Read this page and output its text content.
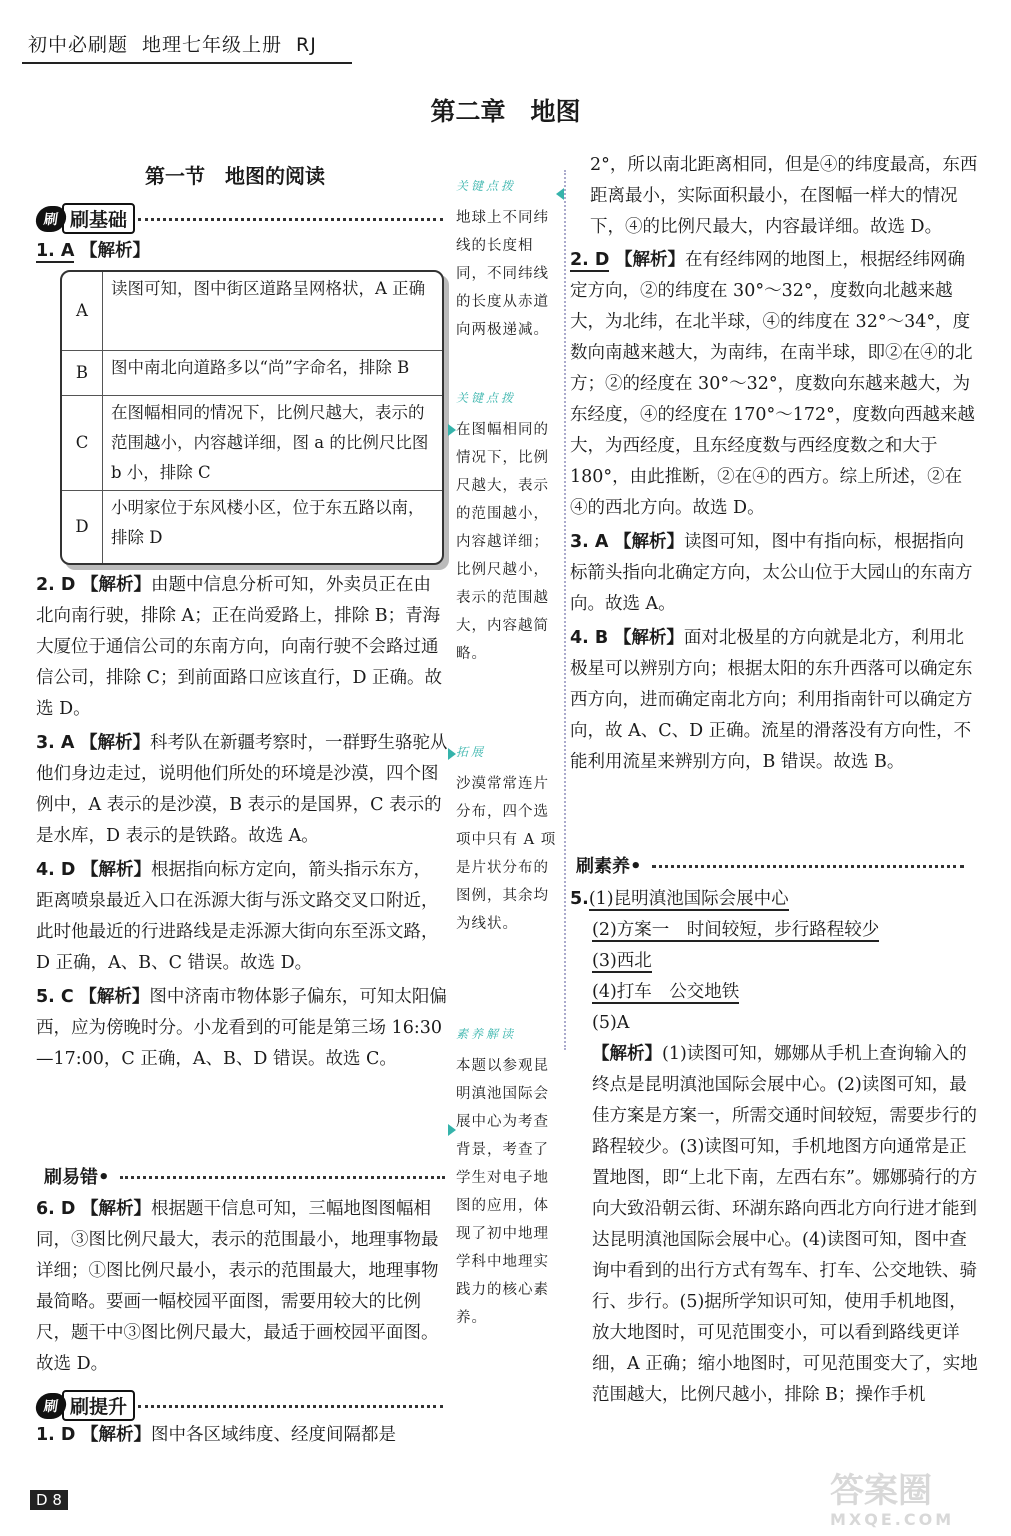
初中必刷题 地理七年级上册 RJ
第二章　地图
第一节　地图的阅读
刷 刷基础
1. A 【解析】
A
读图可知，图中街区道路呈网格状，A 正确
B	图中南北向道路多以“尚”字命名，排除 B
C
在图幅相同的情况下，比例尺越大，表示的范围越小，内容越详细，图 a 的比例尺比图 b 小，排除 C
D
小明家位于东风楼小区，位于东五路以南，排除 D
2. D 【解析】由题中信息分析可知，外卖员正在由北向南行驶，排除 A；正在尚爱路上，排除 B；青海大厦位于通信公司的东南方向，向南行驶不会路过通信公司，排除 C；到前面路口应该直行，D 正确。故选 D。
3. A 【解析】科考队在新疆考察时，一群野生骆驼从他们身边走过，说明他们所处的环境是沙漠，四个图例中，A 表示的是沙漠，B 表示的是国界，C 表示的是水库，D 表示的是铁路。故选 A。
4. D 【解析】根据指向标方定向，箭头指示东方，距离喷泉最近入口在泺源大街与泺文路交叉口附近，此时他最近的行进路线是走泺源大街向东至泺文路，D 正确，A、B、C 错误。故选 D。
5. C 【解析】图中济南市物体影子偏东，可知太阳偏西，应为傍晚时分。小龙看到的可能是第三场 16:30—17:00，C 正确，A、B、D 错误。故选 C。
刷易错•
6. D 【解析】根据题干信息可知，三幅地图图幅相同，③图比例尺最大，表示的范围最小，地理事物最详细；①图比例尺最小，表示的范围最大，地理事物最简略。要画一幅校园平面图，需要用较大的比例尺，题干中③图比例尺最大，最适于画校园平面图。故选 D。
刷 刷提升
1. D 【解析】图中各区域纬度、经度间隔都是
关键点拨
地球上不同纬线的长度相同，不同纬线的长度从赤道向两极递减。
关键点拨
在图幅相同的情况下，比例尺越大，表示的范围越小，内容越详细；比例尺越小，表示的范围越大，内容越简略。
拓展
沙漠常常连片分布，四个选项中只有 A 项是片状分布的图例，其余均为线状。
素养解读
本题以参观昆明滇池国际会展中心为考查背景，考查了学生对电子地图的应用，体现了初中地理学科中地理实践力的核心素养。
2°，所以南北距离相同，但是④的纬度最高，东西距离最小，实际面积最小，在图幅一样大的情况下，④的比例尺最大，内容最详细。故选 D。
2. D 【解析】在有经纬网的地图上，根据经纬网确定方向，②的纬度在 30°～32°，度数向北越来越大，为北纬，在北半球，④的纬度在 32°～34°，度数向南越来越大，为南纬，在南半球，即②在④的北方；②的经度在 30°～32°，度数向东越来越大，为东经度，④的经度在 170°～172°，度数向西越来越大，为西经度，且东经度数与西经度数之和大于 180°，由此推断，②在④的西方。综上所述，②在④的西北方向。故选 D。
3. A 【解析】读图可知，图中有指向标，根据指向标箭头指向北确定方向，太公山位于大园山的东南方向。故选 A。
4. B 【解析】面对北极星的方向就是北方，利用北极星可以辨别方向；根据太阳的东升西落可以确定东西方向，进而确定南北方向；利用指南针可以确定方向，故 A、C、D 正确。流星的滑落没有方向性，不能利用流星来辨别方向，B 错误。故选 B。
刷素养•
5.(1)昆明滇池国际会展中心
(2)方案一　时间较短，步行路程较少
(3)西北
(4)打车　公交地铁
(5)A
【解析】(1)读图可知，娜娜从手机上查询输入的终点是昆明滇池国际会展中心。(2)读图可知，最佳方案是方案一，所需交通时间较短，需要步行的路程较少。(3)读图可知，手机地图方向通常是正置地图，即“上北下南，左西右东”。娜娜骑行的方向大致沿朝云街、环湖东路向西北方向行进才能到达昆明滇池国际会展中心。(4)读图可知，图中查询中看到的出行方式有驾车、打车、公交地铁、骑行、步行。(5)据所学知识可知，使用手机地图，放大地图时，可见范围变小，可以看到路线更详细，A 正确；缩小地图时，可见范围变大了，实地范围越大，比例尺越小，排除 B；操作手机
D 8	答案圈
MXQE.COM
